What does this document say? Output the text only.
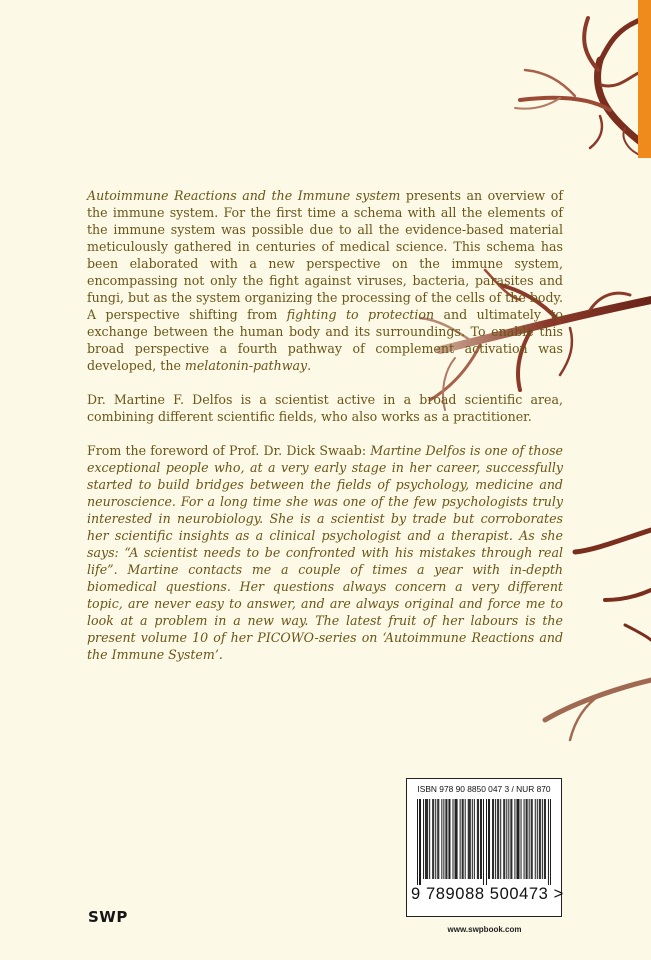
Autoimmune Reactions and the Immune system presents an overview of the immune system. For the first time a schema with all the elements of the immune system was possible due to all the evidence-based material meticulously gathered in centuries of medical science. This schema has been elaborated with a new perspective on the immune system, encompassing not only the fight against viruses, bacteria, parasites and fungi, but as the system organizing the processing of the cells of the body. A perspective shifting from fighting to protection and ultimately to exchange between the human body and its surroundings. To enable this broad perspective a fourth pathway of complement activation was developed, the melatonin-pathway.

Dr. Martine F. Delfos is a scientist active in a broad scientific area, combining different scientific fields, who also works as a practitioner.

From the foreword of Prof. Dr. Dick Swaab: Martine Delfos is one of those exceptional people who, at a very early stage in her career, successfully started to build bridges between the fields of psychology, medicine and neuroscience. For a long time she was one of the few psychologists truly interested in neurobiology. She is a scientist by trade but corroborates her scientific insights as a clinical psychologist and a therapist. As she says: “A scientist needs to be confronted with his mistakes through real life”. Martine contacts me a couple of times a year with in-depth biomedical questions. Her questions always concern a very different topic, are never easy to answer, and are always original and force me to look at a problem in a new way. The latest fruit of her labours is the present volume 10 of her PICOWO-series on ‘Autoimmune Reactions and the Immune System’.

SWP
ISBN 978 90 8850 047 3 / NUR 870
9 789088 500473 >
www.swpbook.com
